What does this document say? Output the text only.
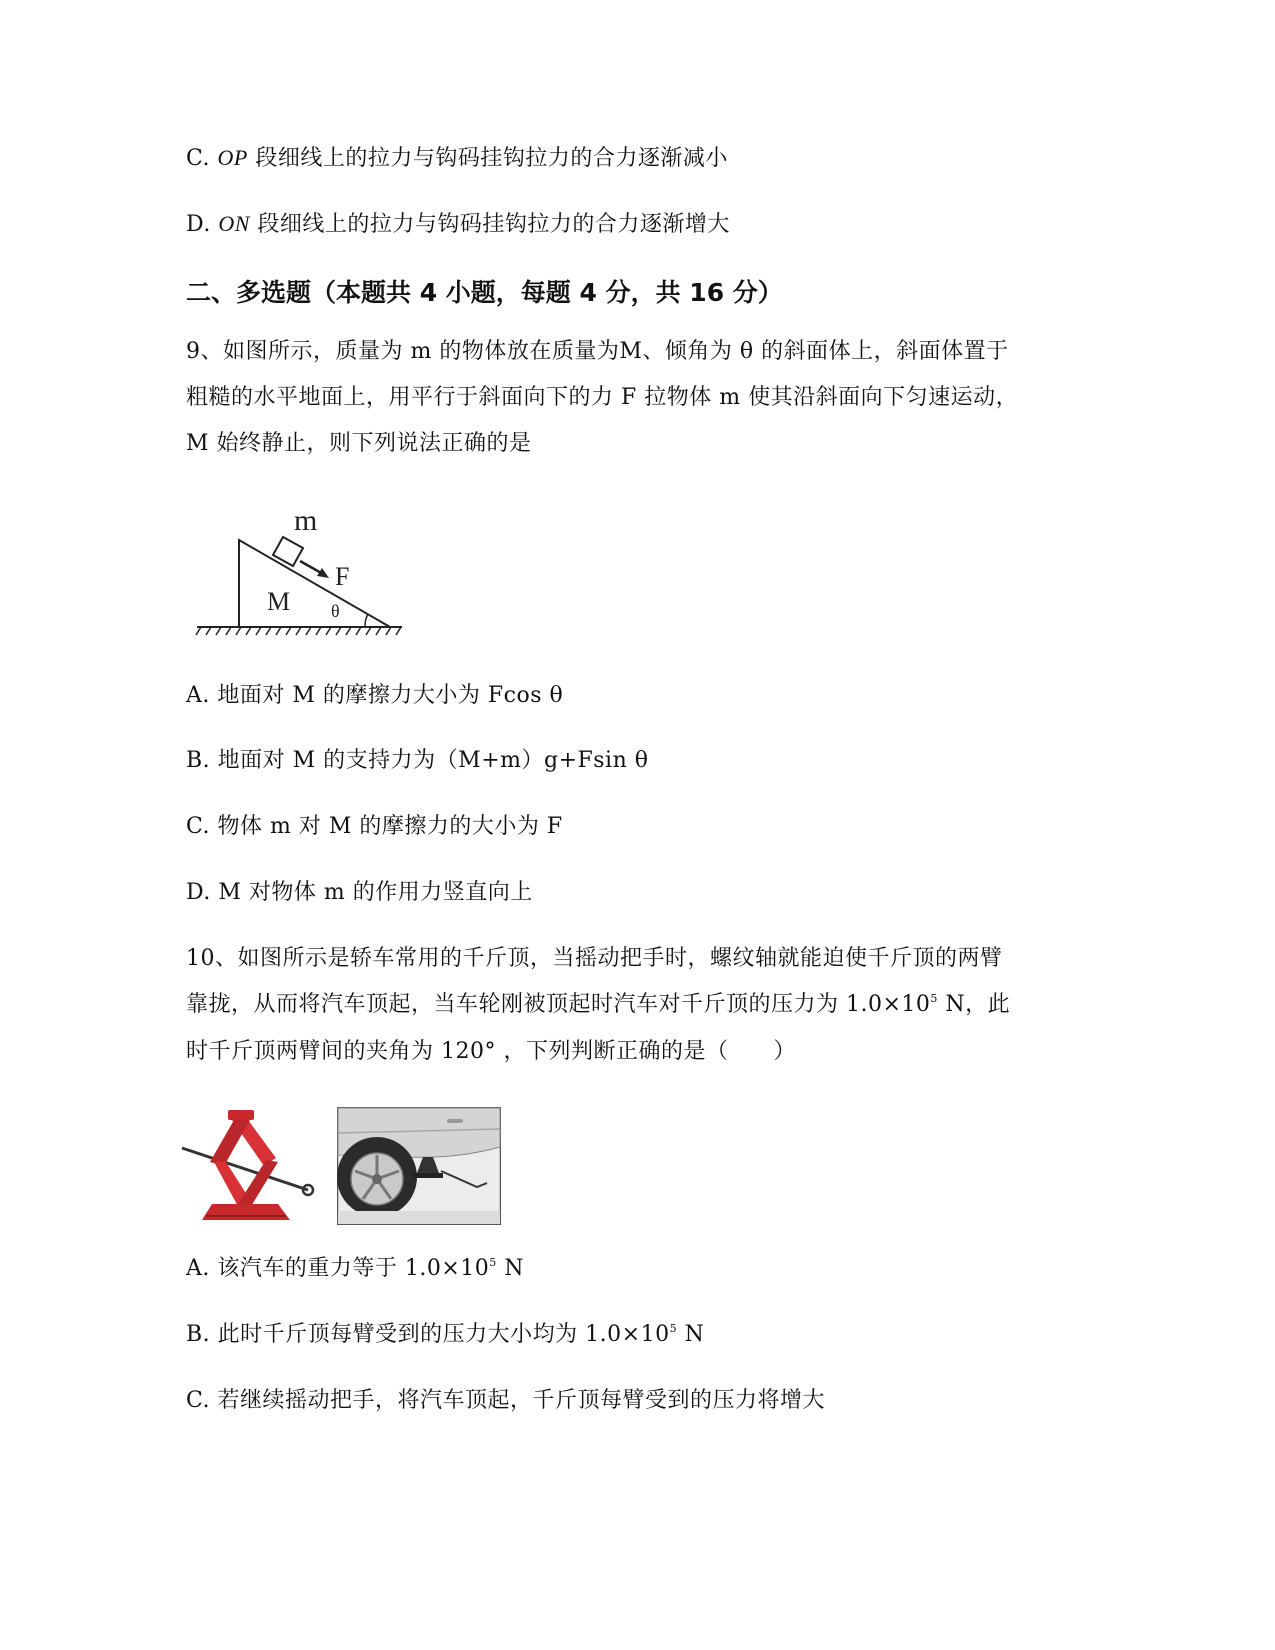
C. OP 段细线上的拉力与钩码挂钩拉力的合力逐渐减小
D. ON 段细线上的拉力与钩码挂钩拉力的合力逐渐增大
二、多选题（本题共 4 小题，每题 4 分，共 16 分）
9、如图所示，质量为 m 的物体放在质量为M、倾角为 θ 的斜面体上，斜面体置于
粗糙的水平地面上，用平行于斜面向下的力 F 拉物体 m 使其沿斜面向下匀速运动，
M 始终静止，则下列说法正确的是
m
F
M θ
A. 地面对 M 的摩擦力大小为 Fcos θ
B. 地面对 M 的支持力为（M+m）g+Fsin θ
C. 物体 m 对 M 的摩擦力的大小为 F
D. M 对物体 m 的作用力竖直向上
10、如图所示是轿车常用的千斤顶，当摇动把手时，螺纹轴就能迫使千斤顶的两臂
靠拢，从而将汽车顶起，当车轮刚被顶起时汽车对千斤顶的压力为 $1.0\times 10^5$ N，此
时千斤顶两臂间的夹角为 120° ，下列判断正确的是（　　）
A. 该汽车的重力等于 $1.0\times 10^5$ N
B. 此时千斤顶每臂受到的压力大小均为 $1.0\times 10^5$ N
C. 若继续摇动把手，将汽车顶起，千斤顶每臂受到的压力将增大
